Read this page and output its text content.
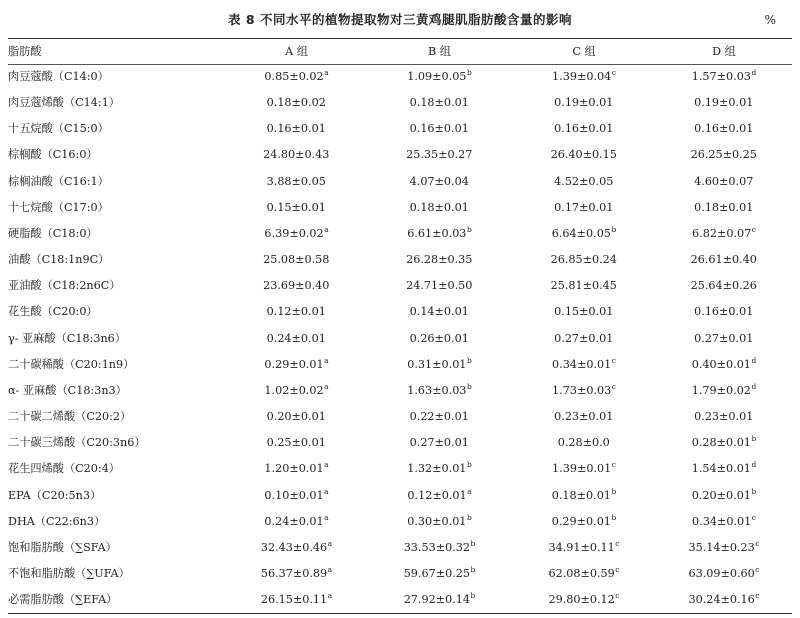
表 8 不同水平的植物提取物对三黄鸡腿肌脂肪酸含量的影响	%
脂肪酸	A 组	B 组	C 组	D 组
肉豆蔻酸（C14:0）	0.85±0.02$^a$	1.09±0.05$^b$	1.39±0.04$^c$	1.57±0.03$^d$
肉豆蔻烯酸（C14:1）	0.18±0.02	0.18±0.01	0.19±0.01	0.19±0.01
十五烷酸（C15:0）	0.16±0.01	0.16±0.01	0.16±0.01	0.16±0.01
棕榈酸（C16:0）	24.80±0.43	25.35±0.27	26.40±0.15	26.25±0.25
棕榈油酸（C16:1）	3.88±0.05	4.07±0.04	4.52±0.05	4.60±0.07
十七烷酸（C17:0）	0.15±0.01	0.18±0.01	0.17±0.01	0.18±0.01
硬脂酸（C18:0）	6.39±0.02$^a$	6.61±0.03$^b$	6.64±0.05$^b$	6.82±0.07$^c$
油酸（C18:1n9C）	25.08±0.58	26.28±0.35	26.85±0.24	26.61±0.40
亚油酸（C18:2n6C）	23.69±0.40	24.71±0.50	25.81±0.45	25.64±0.26
花生酸（C20:0）	0.12±0.01	0.14±0.01	0.15±0.01	0.16±0.01
γ- 亚麻酸（C18:3n6）	0.24±0.01	0.26±0.01	0.27±0.01	0.27±0.01
二十碳稀酸（C20:1n9）	0.29±0.01$^a$	0.31±0.01$^b$	0.34±0.01$^c$	0.40±0.01$^d$
α- 亚麻酸（C18:3n3）	1.02±0.02$^a$	1.63±0.03$^b$	1.73±0.03$^c$	1.79±0.02$^d$
二十碳二烯酸（C20:2）	0.20±0.01	0.22±0.01	0.23±0.01	0.23±0.01
二十碳三烯酸（C20:3n6）	0.25±0.01	0.27±0.01	0.28±0.0	0.28±0.01$^b$
花生四烯酸（C20:4）	1.20±0.01$^a$	1.32±0.01$^b$	1.39±0.01$^c$	1.54±0.01$^d$
EPA（C20:5n3）	0.10±0.01$^a$	0.12±0.01$^a$	0.18±0.01$^b$	0.20±0.01$^b$
DHA（C22:6n3）	0.24±0.01$^a$	0.30±0.01$^b$	0.29±0.01$^b$	0.34±0.01$^c$
饱和脂肪酸（∑SFA）	32.43±0.46$^a$	33.53±0.32$^b$	34.91±0.11$^c$	35.14±0.23$^c$
不饱和脂肪酸（∑UFA）	56.37±0.89$^a$	59.67±0.25$^b$	62.08±0.59$^c$	63.09±0.60$^c$
必需脂肪酸（∑EFA）	26.15±0.11$^a$	27.92±0.14$^b$	29.80±0.12$^c$	30.24±0.16$^c$
